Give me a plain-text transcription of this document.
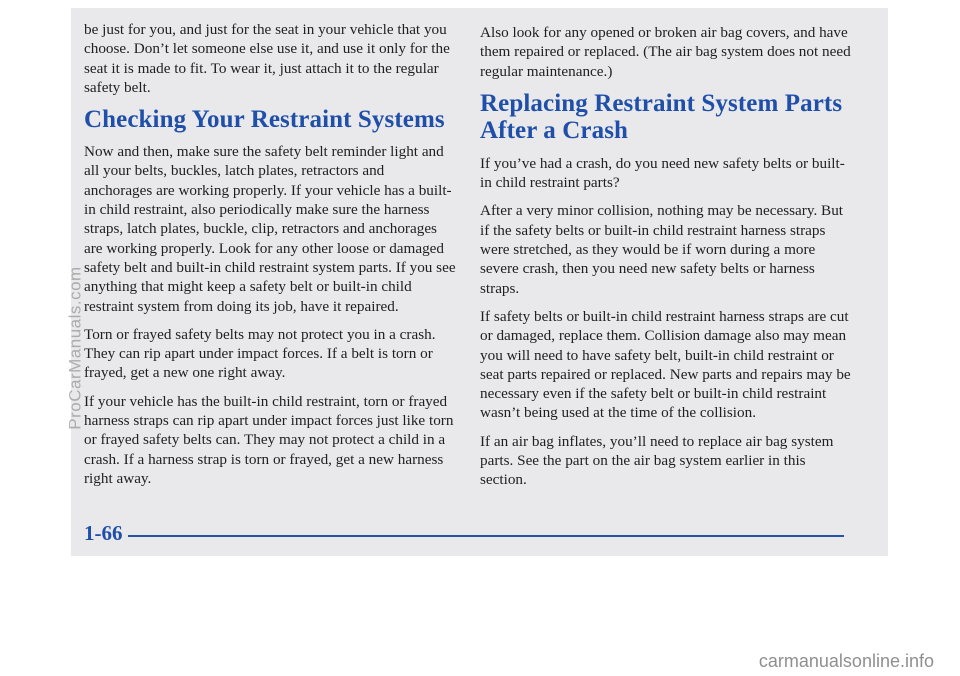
be just for you, and just for the seat in your vehicle that you choose. Don’t let someone else use it, and use it only for the seat it is made to fit. To wear it, just attach it to the regular safety belt.

Checking Your Restraint Systems

Now and then, make sure the safety belt reminder light and all your belts, buckles, latch plates, retractors and anchorages are working properly. If your vehicle has a built-in child restraint, also periodically make sure the harness straps, latch plates, buckle, clip, retractors and anchorages are working properly. Look for any other loose or damaged safety belt and built-in child restraint system parts. If you see anything that might keep a safety belt or built-in child restraint system from doing its job, have it repaired.

Torn or frayed safety belts may not protect you in a crash. They can rip apart under impact forces. If a belt is torn or frayed, get a new one right away.

If your vehicle has the built-in child restraint, torn or frayed harness straps can rip apart under impact forces just like torn or frayed safety belts can. They may not protect a child in a crash. If a harness strap is torn or frayed, get a new harness right away.

Also look for any opened or broken air bag covers, and have them repaired or replaced. (The air bag system does not need regular maintenance.)

Replacing Restraint System Parts After a Crash

If you’ve had a crash, do you need new safety belts or built-in child restraint parts?

After a very minor collision, nothing may be necessary. But if the safety belts or built-in child restraint harness straps were stretched, as they would be if worn during a more severe crash, then you need new safety belts or harness straps.

If safety belts or built-in child restraint harness straps are cut or damaged, replace them. Collision damage also may mean you will need to have safety belt, built-in child restraint or seat parts repaired or replaced. New parts and repairs may be necessary even if the safety belt or built-in child restraint wasn’t being used at the time of the collision.

If an air bag inflates, you’ll need to replace air bag system parts. See the part on the air bag system earlier in this section.

1-66
ProCarManuals.com
carmanualsonline.info
